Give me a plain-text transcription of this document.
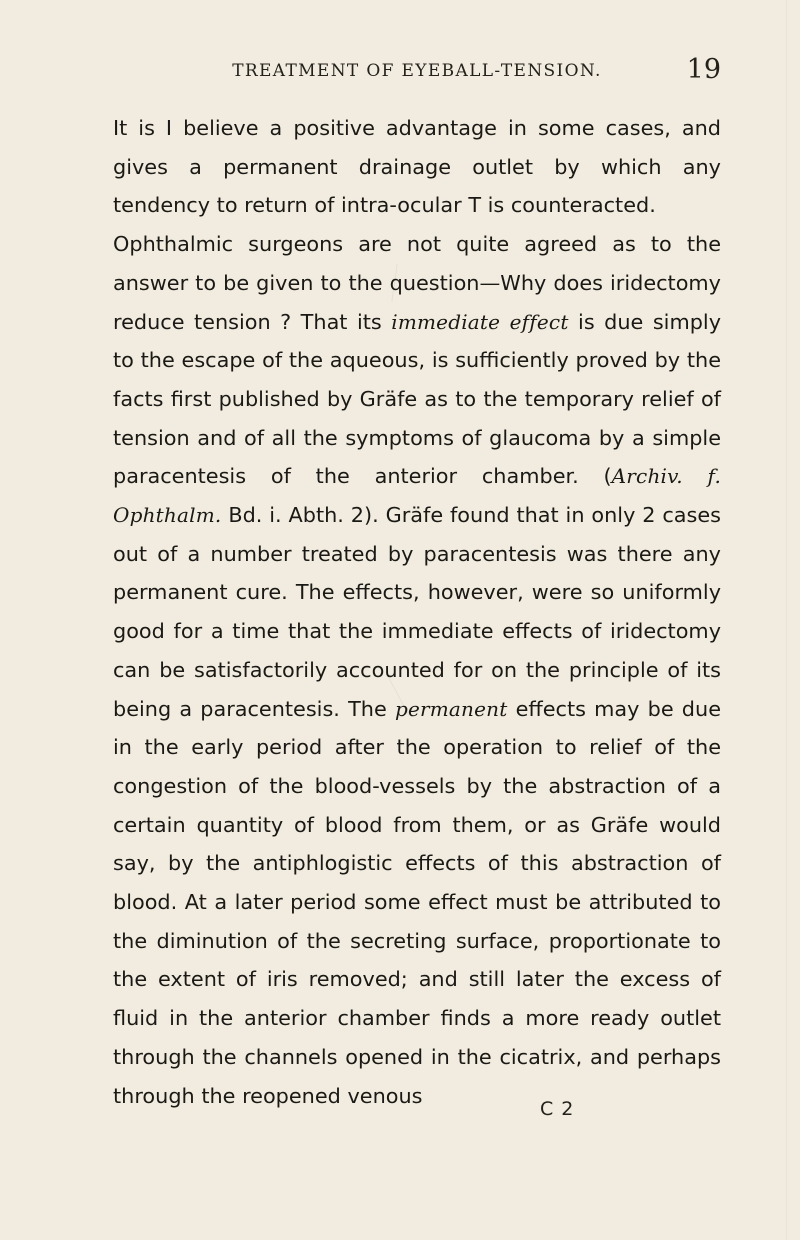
TREATMENT OF EYEBALL-TENSION.	19

It is I believe a positive advantage in some cases, and gives a permanent drainage outlet by which any tendency to return of intra-ocular T is counteracted.

Ophthalmic surgeons are not quite agreed as to the answer to be given to the question—Why does iridectomy reduce tension ? That its immediate effect is due simply to the escape of the aqueous, is sufficiently proved by the facts first published by Gräfe as to the temporary relief of tension and of all the symptoms of glaucoma by a simple paracentesis of the anterior chamber. (Archiv. f. Ophthalm. Bd. i. Abth. 2). Gräfe found that in only 2 cases out of a number treated by paracentesis was there any permanent cure. The effects, however, were so uniformly good for a time that the immediate effects of iridectomy can be satisfactorily accounted for on the principle of its being a paracentesis. The permanent effects may be due in the early period after the operation to relief of the congestion of the blood-vessels by the abstraction of a certain quantity of blood from them, or as Gräfe would say, by the antiphlogistic effects of this abstraction of blood. At a later period some effect must be attributed to the diminution of the secreting surface, proportionate to the extent of iris removed; and still later the excess of fluid in the anterior chamber finds a more ready outlet through the channels opened in the cicatrix, and perhaps through the reopened venous

C 2
